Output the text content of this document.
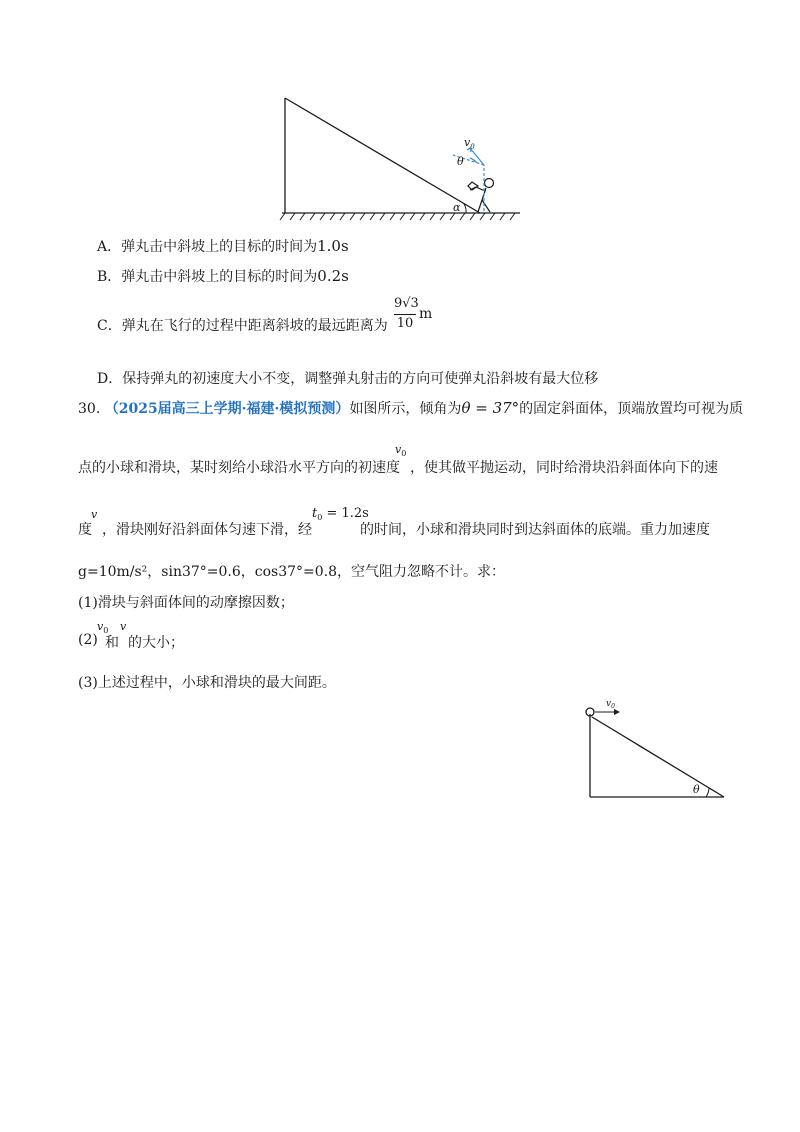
$v_0$
θ
α
A．弹丸击中斜坡上的目标的时间为1.0s
B．弹丸击中斜坡上的目标的时间为0.2s
C．弹丸在飞行的过程中距离斜坡的最远距离为
9√3
10
m
D．保持弹丸的初速度大小不变，调整弹丸射击的方向可使弹丸沿斜坡有最大位移
30. （2025届高三上学期·福建·模拟预测）如图所示，倾角为θ = 37°的固定斜面体，顶端放置均可视为质
点的小球和滑块，某时刻给小球沿水平方向的初速度
$v_0$
，使其做平抛运动，同时给滑块沿斜面体向下的速
度
v
，滑块刚好沿斜面体匀速下滑，经
$t_0 = 1.2s$
的时间，小球和滑块同时到达斜面体的底端。重力加速度
g=10m/s²，sin37°=0.6，cos37°=0.8，空气阻力忽略不计。求：
(1)滑块与斜面体间的动摩擦因数；
(2)
$v_0$
和
v
的大小；
(3)上述过程中，小球和滑块的最大间距。
$v_0$
θ
